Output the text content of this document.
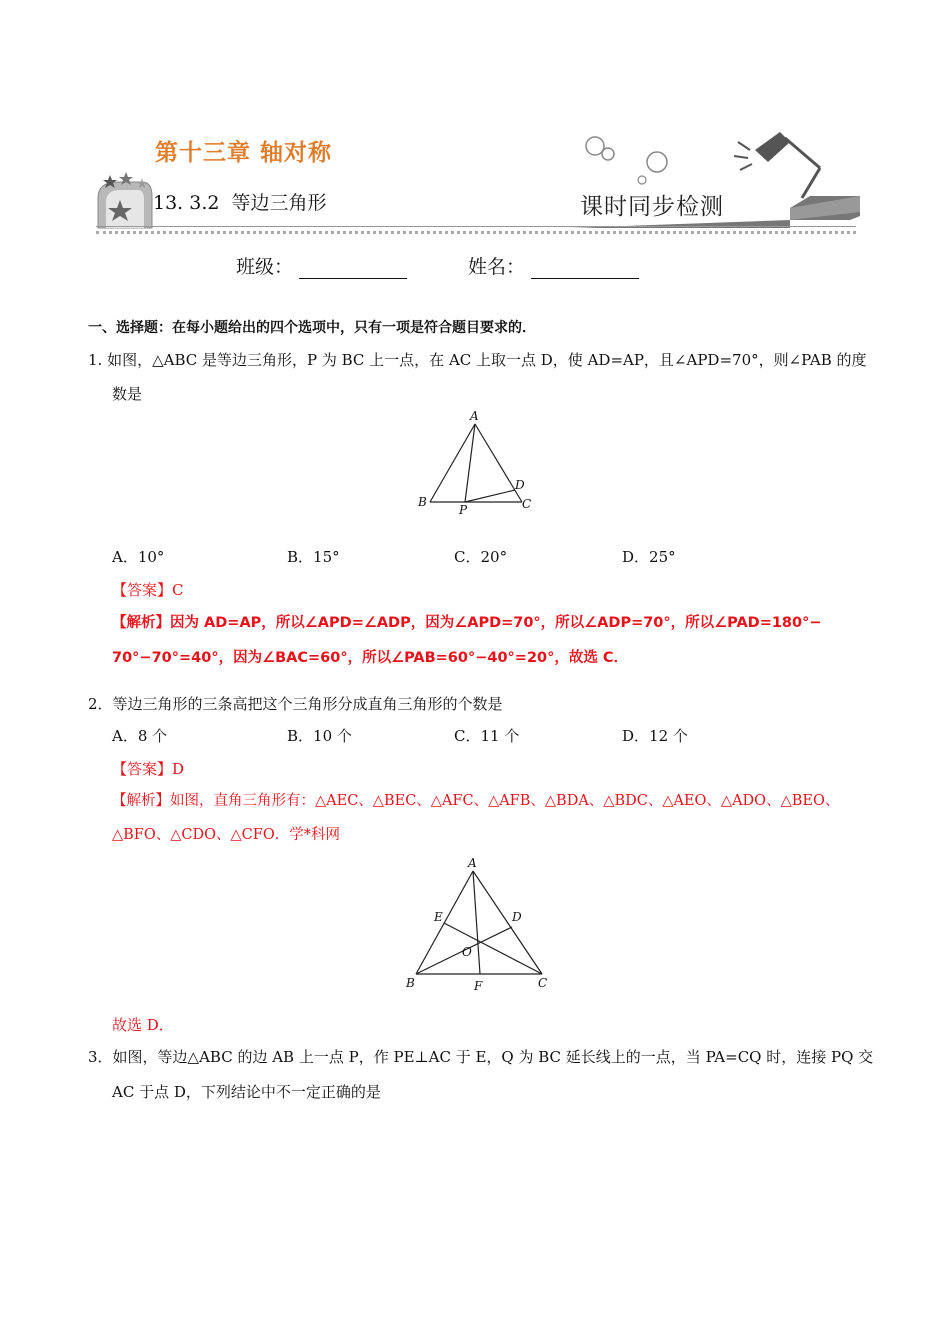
第十三章 轴对称
13. 3.2  等边三角形	课时同步检测
班级：	姓名：
一、选择题：在每小题给出的四个选项中，只有一项是符合题目要求的．
1. 如图，△ABC 是等边三角形，P 为 BC 上一点，在 AC 上取一点 D，使 AD=AP，且∠APD=70°，则∠PAB 的度
数是
A
B	C
D
P
A．10°	B．15°	C．20°	D．25°
【答案】C
【解析】因为 AD=AP，所以∠APD=∠ADP，因为∠APD=70°，所以∠ADP=70°，所以∠PAD=180°−
70°−70°=40°，因为∠BAC=60°，所以∠PAB=60°−40°=20°，故选 C．
2．等边三角形的三条高把这个三角形分成直角三角形的个数是
A．8 个	B．10 个	C．11 个	D．12 个
【答案】D
【解析】如图，直角三角形有：△AEC、△BEC、△AFC、△AFB、△BDA、△BDC、△AEO、△ADO、△BEO、
△BFO、△CDO、△CFO．学*科网
A
B	C
D
E
F
O
故选 D．
3．如图，等边△ABC 的边 AB 上一点 P，作 PE⊥AC 于 E，Q 为 BC 延长线上的一点，当 PA=CQ 时，连接 PQ 交
AC 于点 D，下列结论中不一定正确的是
